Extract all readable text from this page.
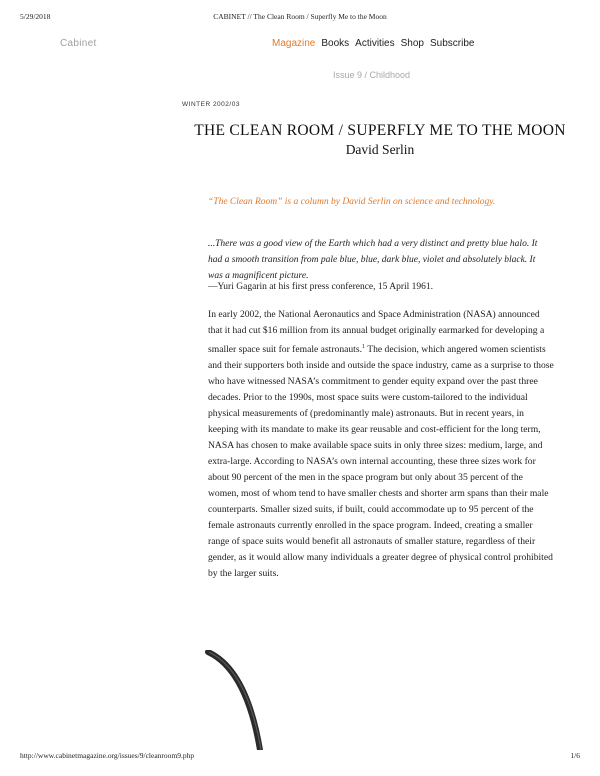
5/29/2018	CABINET // The Clean Room / Superfly Me to the Moon
Cabinet	Magazine Books Activities Shop Subscribe
Issue 9 / Childhood
WINTER 2002/03
THE CLEAN ROOM / SUPERFLY ME TO THE MOON
David Serlin
“The Clean Room” is a column by David Serlin on science and technology.
...There was a good view of the Earth which had a very distinct and pretty blue halo. It had a smooth transition from pale blue, blue, dark blue, violet and absolutely black. It was a magnificent picture.
—Yuri Gagarin at his first press conference, 15 April 1961.
In early 2002, the National Aeronautics and Space Administration (NASA) announced that it had cut $16 million from its annual budget originally earmarked for developing a smaller space suit for female astronauts.$^1$ The decision, which angered women scientists and their supporters both inside and outside the space industry, came as a surprise to those who have witnessed NASA’s commitment to gender equity expand over the past three decades. Prior to the 1990s, most space suits were custom-tailored to the individual physical measurements of (predominantly male) astronauts. But in recent years, in keeping with its mandate to make its gear reusable and cost-efficient for the long term, NASA has chosen to make available space suits in only three sizes: medium, large, and extra-large. According to NASA’s own internal accounting, these three sizes work for about 90 percent of the men in the space program but only about 35 percent of the women, most of whom tend to have smaller chests and shorter arm spans than their male counterparts. Smaller sized suits, if built, could accommodate up to 95 percent of the female astronauts currently enrolled in the space program. Indeed, creating a smaller range of space suits would benefit all astronauts of smaller stature, regardless of their gender, as it would allow many individuals a greater degree of physical control prohibited by the larger suits.
http://www.cabinetmagazine.org/issues/9/cleanroom9.php	1/6
